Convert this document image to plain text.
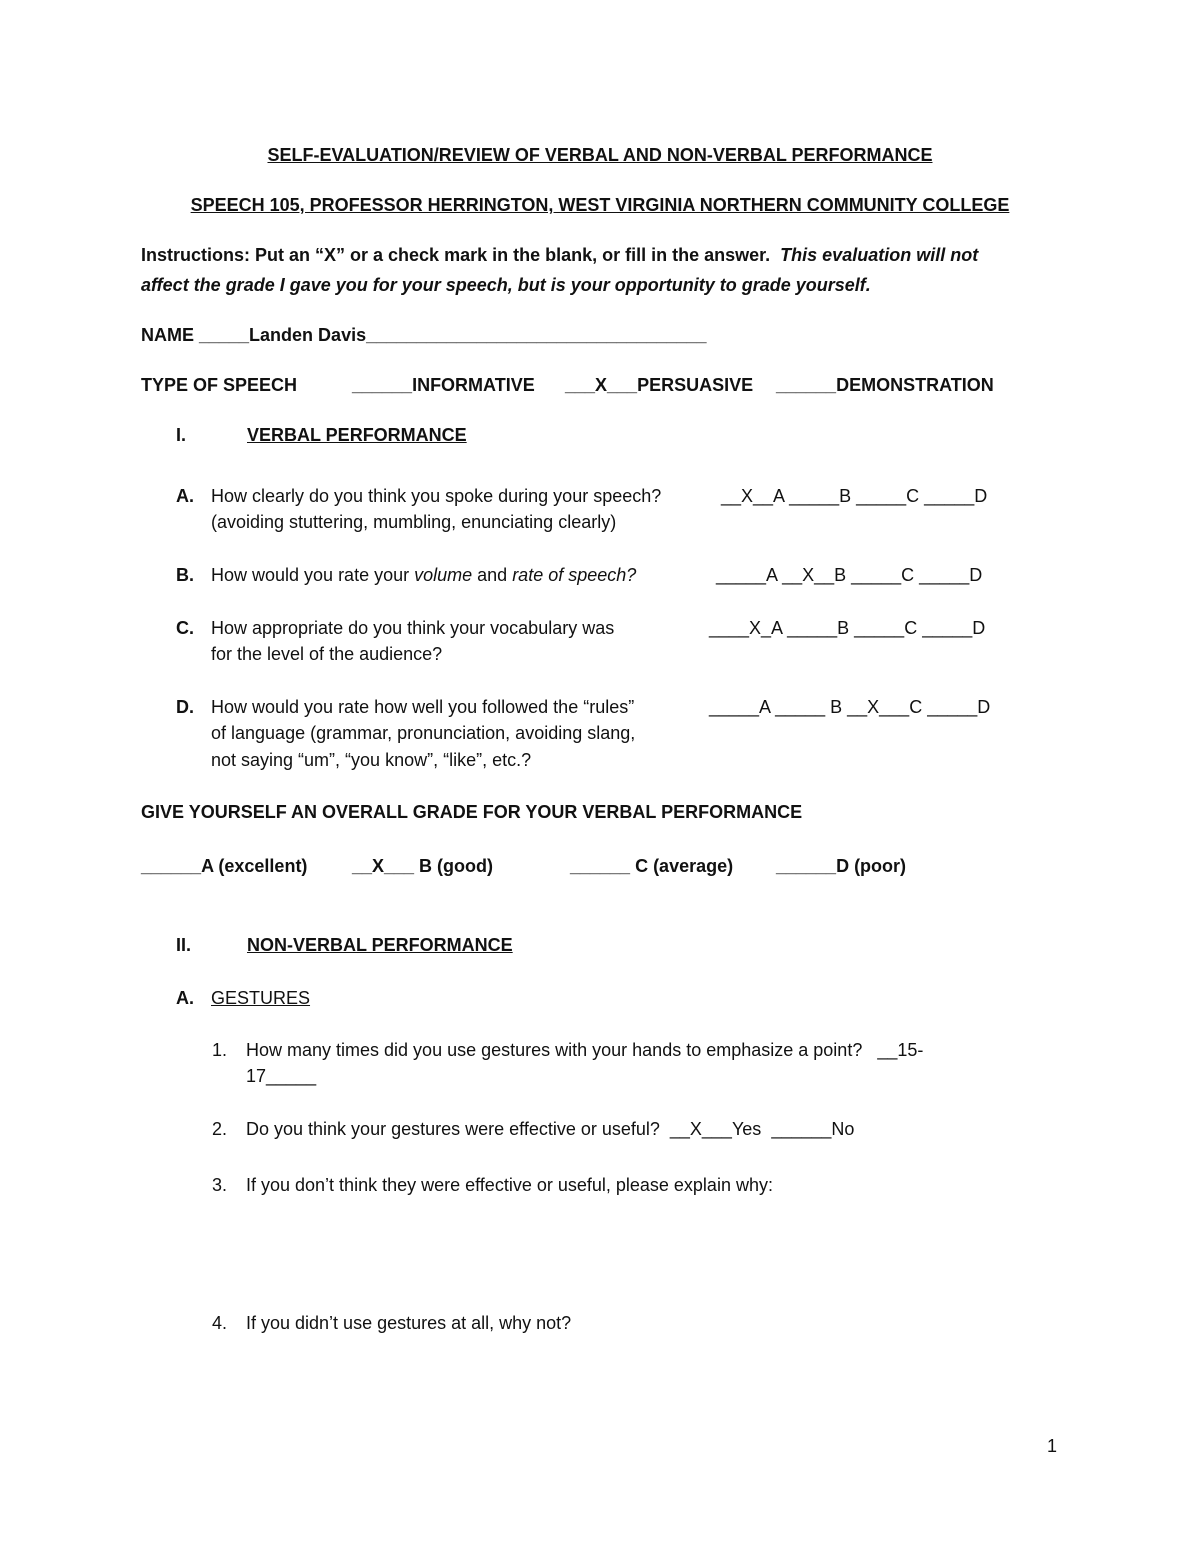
SELF-EVALUATION/REVIEW OF VERBAL AND NON-VERBAL PERFORMANCE
SPEECH 105, PROFESSOR HERRINGTON, WEST VIRGINIA NORTHERN COMMUNITY COLLEGE
Instructions: Put an “X” or a check mark in the blank, or fill in the answer. This evaluation will not
affect the grade I gave you for your speech, but is your opportunity to grade yourself.
NAME _____Landen Davis__________________________________
TYPE OF SPEECH	______INFORMATIVE ___X___PERSUASIVE ______DEMONSTRATION
I.	VERBAL PERFORMANCE
A. How clearly do you think you spoke during your speech?
(avoiding stuttering, mumbling, enunciating clearly)
__X__A _____B _____C _____D
B. How would you rate your volume and rate of speech?	_____A __X__B _____C _____D
C. How appropriate do you think your vocabulary was
for the level of the audience?
____X_A _____B _____C _____D
D. How would you rate how well you followed the “rules”
of language (grammar, pronunciation, avoiding slang,
not saying “um”, “you know”, “like”, etc.?
_____A _____ B __X___C _____D
GIVE YOURSELF AN OVERALL GRADE FOR YOUR VERBAL PERFORMANCE
______A (excellent) __X___ B (good)	______ C (average) ______D (poor)
II.	NON-VERBAL PERFORMANCE
A. GESTURES
1. How many times did you use gestures with your hands to emphasize a point?   __15-
17_____
2. Do you think your gestures were effective or useful?  __X___Yes  ______No
3. If you don’t think they were effective or useful, please explain why:
4. If you didn’t use gestures at all, why not?
1
